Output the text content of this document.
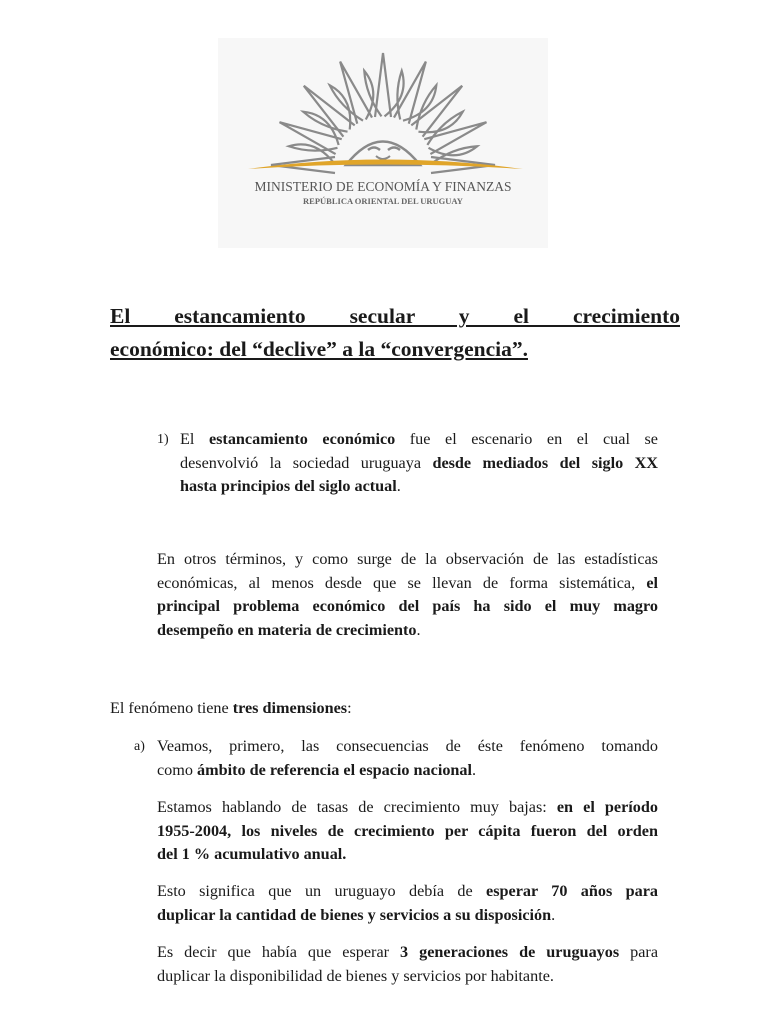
MINISTERIO DE ECONOMÍA Y FINANZAS
REPÚBLICA ORIENTAL DEL URUGUAY
El estancamiento secular y el crecimiento
económico: del “declive” a la “convergencia”.
1) El estancamiento económico fue el escenario en el cual se
desenvolvió la sociedad uruguaya desde mediados del siglo XX
hasta principios del siglo actual.
En otros términos, y como surge de la observación de las estadísticas
económicas, al menos desde que se llevan de forma sistemática, el
principal problema económico del país ha sido el muy magro
desempeño en materia de crecimiento.
El fenómeno tiene tres dimensiones:
a) Veamos, primero, las consecuencias de éste fenómeno tomando
como ámbito de referencia el espacio nacional.
Estamos hablando de tasas de crecimiento muy bajas: en el período
1955-2004, los niveles de crecimiento per cápita fueron del orden
del 1 % acumulativo anual.
Esto significa que un uruguayo debía de esperar 70 años para
duplicar la cantidad de bienes y servicios a su disposición.
Es decir que había que esperar 3 generaciones de uruguayos para
duplicar la disponibilidad de bienes y servicios por habitante.
